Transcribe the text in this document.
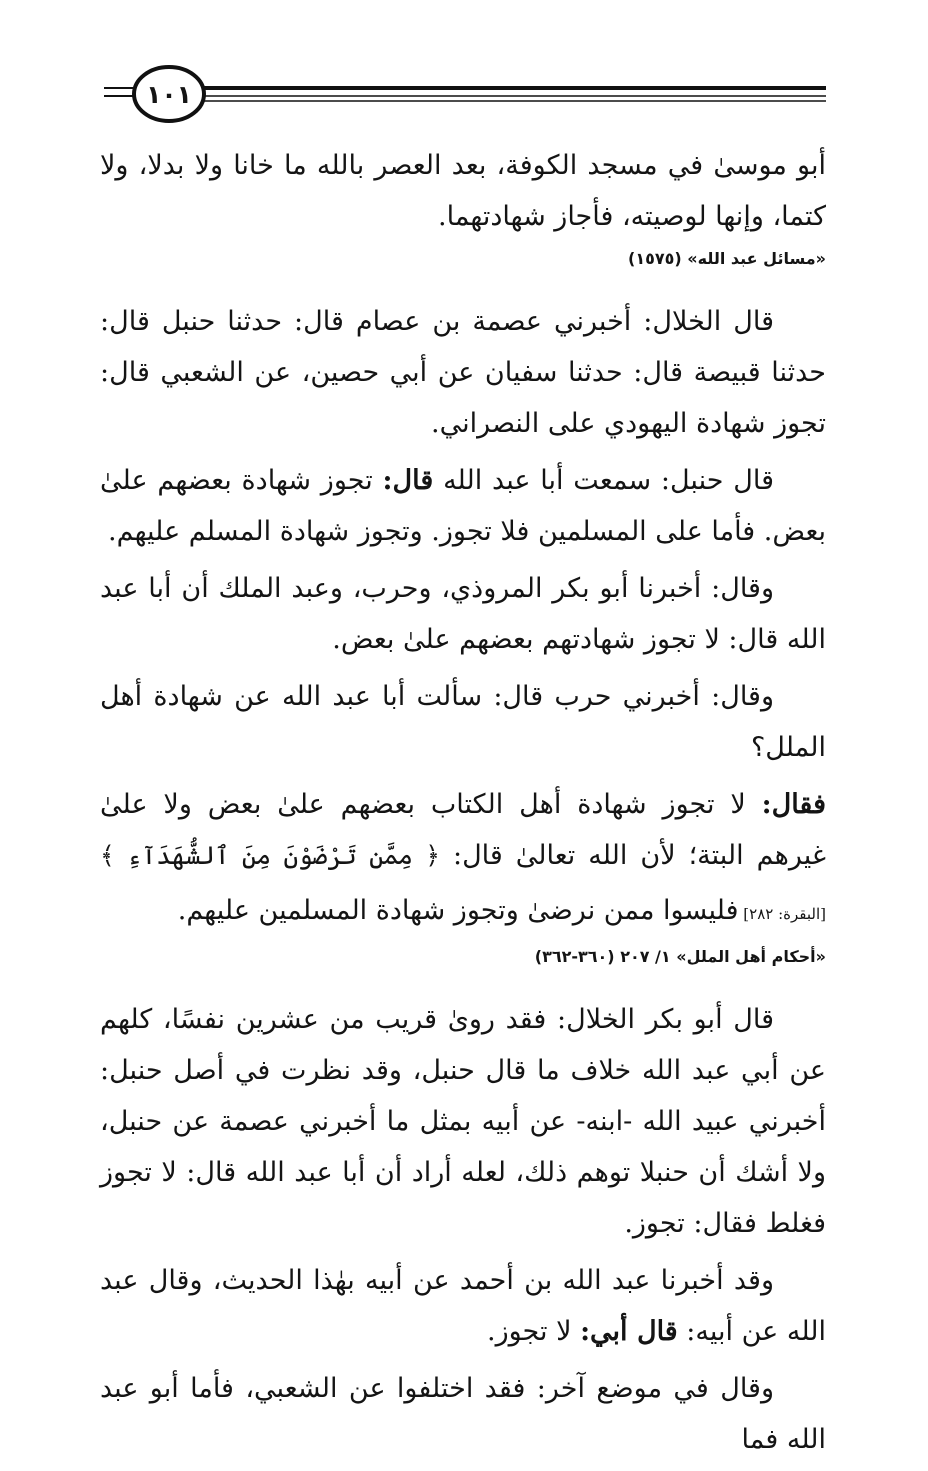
١٠١

أبو موسىٰ في مسجد الكوفة، بعد العصر بالله ما خانا ولا بدلا، ولا كتما، وإنها لوصيته، فأجاز شهادتهما.

«مسائل عبد الله» (١٥٧٥)

قال الخلال: أخبرني عصمة بن عصام قال: حدثنا حنبل قال: حدثنا قبيصة قال: حدثنا سفيان عن أبي حصين، عن الشعبي قال: تجوز شهادة اليهودي على النصراني.

قال حنبل: سمعت أبا عبد الله قال: تجوز شهادة بعضهم علىٰ بعض. فأما على المسلمين فلا تجوز. وتجوز شهادة المسلم عليهم.

وقال: أخبرنا أبو بكر المروذي، وحرب، وعبد الملك أن أبا عبد الله قال: لا تجوز شهادتهم بعضهم علىٰ بعض.

وقال: أخبرني حرب قال: سألت أبا عبد الله عن شهادة أهل الملل؟

فقال: لا تجوز شهادة أهل الكتاب بعضهم علىٰ بعض ولا علىٰ غيرهم البتة؛ لأن الله تعالىٰ قال: ﴿ مِمَّن تَرْضَوْنَ مِنَ ٱلشُّهَدَآءِ ﴾ [البقرة: ٢٨٢] فليسوا ممن نرضىٰ وتجوز شهادة المسلمين عليهم.

«أحكام أهل الملل» ١/ ٢٠٧ (٣٦٠-٣٦٢)

قال أبو بكر الخلال: فقد روىٰ قريب من عشرين نفسًا، كلهم عن أبي عبد الله خلاف ما قال حنبل، وقد نظرت في أصل حنبل: أخبرني عبيد الله -ابنه- عن أبيه بمثل ما أخبرني عصمة عن حنبل، ولا أشك أن حنبلا توهم ذلك، لعله أراد أن أبا عبد الله قال: لا تجوز فغلط فقال: تجوز.

وقد أخبرنا عبد الله بن أحمد عن أبيه بهٰذا الحديث، وقال عبد الله عن أبيه: قال أبي: لا تجوز.

وقال في موضع آخر: فقد اختلفوا عن الشعبي، فأما أبو عبد الله فما
